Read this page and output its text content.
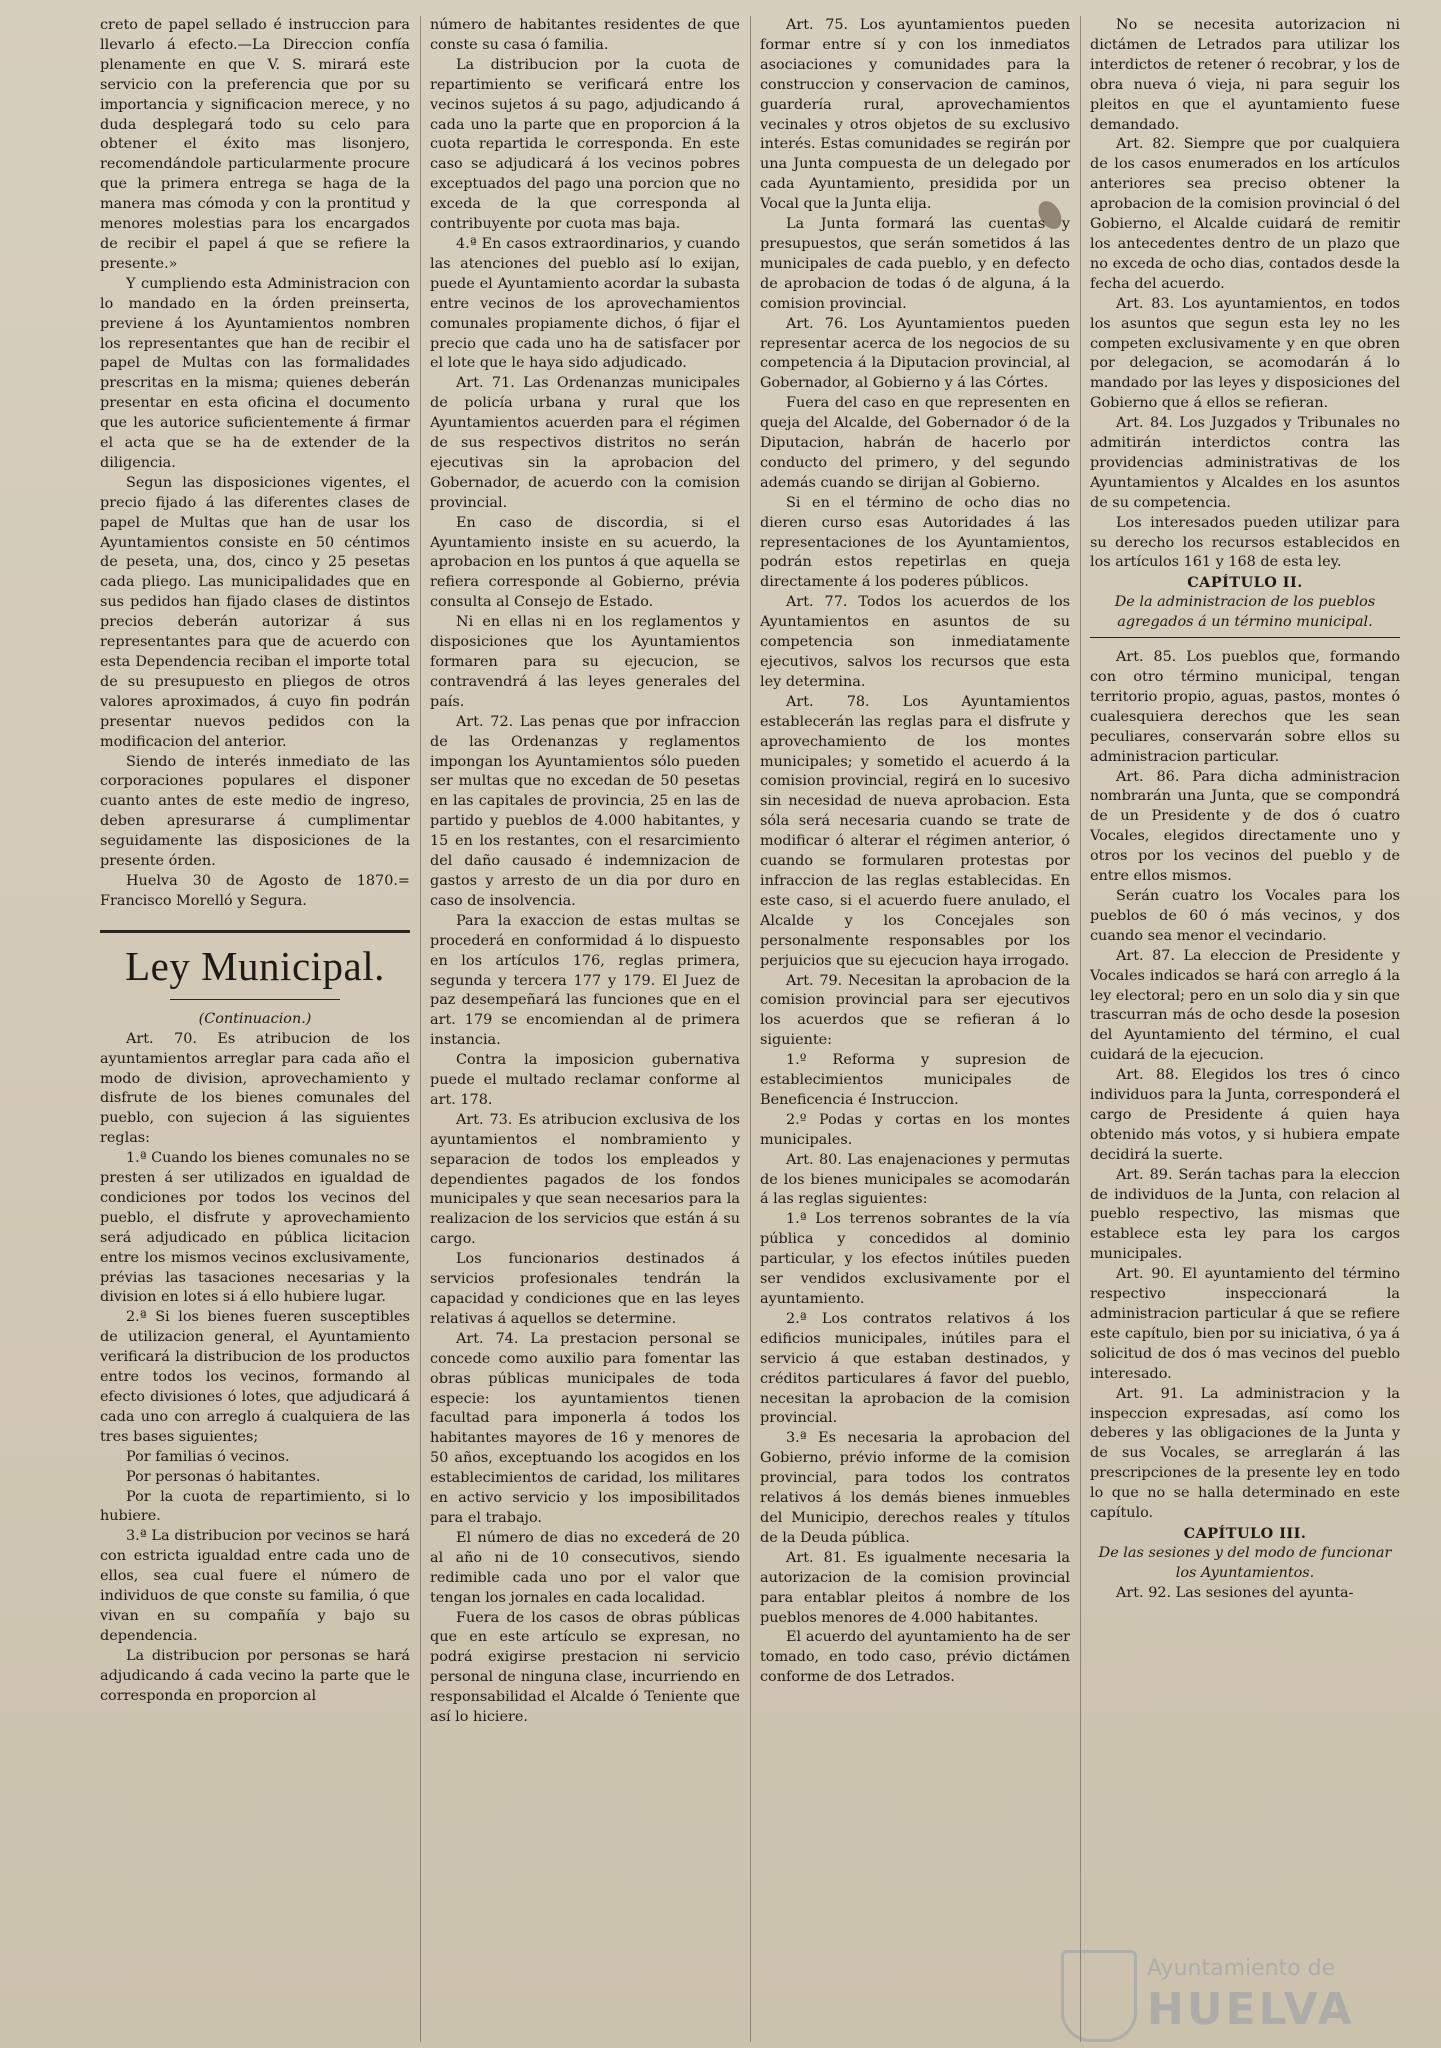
creto de papel sellado é instruccion para llevarlo á efecto.—La Direccion confía plenamente en que V. S. mirará este servicio con la preferencia que por su importancia y significacion merece, y no duda desplegará todo su celo para obtener el éxito mas lisonjero, recomendándole particularmente procure que la primera entrega se haga de la manera mas cómoda y con la prontitud y menores molestias para los encargados de recibir el papel á que se refiere la presente.»

Y cumpliendo esta Administracion con lo mandado en la órden preinserta, previene á los Ayuntamientos nombren los representantes que han de recibir el papel de Multas con las formalidades prescritas en la misma; quienes deberán presentar en esta oficina el documento que les autorice suficientemente á firmar el acta que se ha de extender de la diligencia.

Segun las disposiciones vigentes, el precio fijado á las diferentes clases de papel de Multas que han de usar los Ayuntamientos consiste en 50 céntimos de peseta, una, dos, cinco y 25 pesetas cada pliego. Las municipalidades que en sus pedidos han fijado clases de distintos precios deberán autorizar á sus representantes para que de acuerdo con esta Dependencia reciban el importe total de su presupuesto en pliegos de otros valores aproximados, á cuyo fin podrán presentar nuevos pedidos con la modificacion del anterior.

Siendo de interés inmediato de las corporaciones populares el disponer cuanto antes de este medio de ingreso, deben apresurarse á cumplimentar seguidamente las disposiciones de la presente órden.

Huelva 30 de Agosto de 1870.= Francisco Morelló y Segura.

Ley Municipal.

(Continuacion.)

Art. 70. Es atribucion de los ayuntamientos arreglar para cada año el modo de division, aprovechamiento y disfrute de los bienes comunales del pueblo, con sujecion á las siguientes reglas:

1.ª Cuando los bienes comunales no se presten á ser utilizados en igualdad de condiciones por todos los vecinos del pueblo, el disfrute y aprovechamiento será adjudicado en pública licitacion entre los mismos vecinos exclusivamente, prévias las tasaciones necesarias y la division en lotes si á ello hubiere lugar.

2.ª Si los bienes fueren susceptibles de utilizacion general, el Ayuntamiento verificará la distribucion de los productos entre todos los vecinos, formando al efecto divisiones ó lotes, que adjudicará á cada uno con arreglo á cualquiera de las tres bases siguientes;

Por familias ó vecinos.

Por personas ó habitantes.

Por la cuota de repartimiento, si lo hubiere.

3.ª La distribucion por vecinos se hará con estricta igualdad entre cada uno de ellos, sea cual fuere el número de individuos de que conste su familia, ó que vivan en su compañía y bajo su dependencia.

La distribucion por personas se hará adjudicando á cada vecino la parte que le corresponda en proporcion al

número de habitantes residentes de que conste su casa ó familia.

La distribucion por la cuota de repartimiento se verificará entre los vecinos sujetos á su pago, adjudicando á cada uno la parte que en proporcion á la cuota repartida le corresponda. En este caso se adjudicará á los vecinos pobres exceptuados del pago una porcion que no exceda de la que corresponda al contribuyente por cuota mas baja.

4.ª En casos extraordinarios, y cuando las atenciones del pueblo así lo exijan, puede el Ayuntamiento acordar la subasta entre vecinos de los aprovechamientos comunales propiamente dichos, ó fijar el precio que cada uno ha de satisfacer por el lote que le haya sido adjudicado.

Art. 71. Las Ordenanzas municipales de policía urbana y rural que los Ayuntamientos acuerden para el régimen de sus respectivos distritos no serán ejecutivas sin la aprobacion del Gobernador, de acuerdo con la comision provincial.

En caso de discordia, si el Ayuntamiento insiste en su acuerdo, la aprobacion en los puntos á que aquella se refiera corresponde al Gobierno, prévia consulta al Consejo de Estado.

Ni en ellas ni en los reglamentos y disposiciones que los Ayuntamientos formaren para su ejecucion, se contravendrá á las leyes generales del país.

Art. 72. Las penas que por infraccion de las Ordenanzas y reglamentos impongan los Ayuntamientos sólo pueden ser multas que no excedan de 50 pesetas en las capitales de provincia, 25 en las de partido y pueblos de 4.000 habitantes, y 15 en los restantes, con el resarcimiento del daño causado é indemnizacion de gastos y arresto de un dia por duro en caso de insolvencia.

Para la exaccion de estas multas se procederá en conformidad á lo dispuesto en los artículos 176, reglas primera, segunda y tercera 177 y 179. El Juez de paz desempeñará las funciones que en el art. 179 se encomiendan al de primera instancia.

Contra la imposicion gubernativa puede el multado reclamar conforme al art. 178.

Art. 73. Es atribucion exclusiva de los ayuntamientos el nombramiento y separacion de todos los empleados y dependientes pagados de los fondos municipales y que sean necesarios para la realizacion de los servicios que están á su cargo.

Los funcionarios destinados á servicios profesionales tendrán la capacidad y condiciones que en las leyes relativas á aquellos se determine.

Art. 74. La prestacion personal se concede como auxilio para fomentar las obras públicas municipales de toda especie: los ayuntamientos tienen facultad para imponerla á todos los habitantes mayores de 16 y menores de 50 años, exceptuando los acogidos en los establecimientos de caridad, los militares en activo servicio y los imposibilitados para el trabajo.

El número de dias no excederá de 20 al año ni de 10 consecutivos, siendo redimible cada uno por el valor que tengan los jornales en cada localidad.

Fuera de los casos de obras públicas que en este artículo se expresan, no podrá exigirse prestacion ni servicio personal de ninguna clase, incurriendo en responsabilidad el Alcalde ó Teniente que así lo hiciere.

Art. 75. Los ayuntamientos pueden formar entre sí y con los inmediatos asociaciones y comunidades para la construccion y conservacion de caminos, guardería rural, aprovechamientos vecinales y otros objetos de su exclusivo interés. Estas comunidades se regirán por una Junta compuesta de un delegado por cada Ayuntamiento, presidida por un Vocal que la Junta elija.

La Junta formará las cuentas y presupuestos, que serán sometidos á las municipales de cada pueblo, y en defecto de aprobacion de todas ó de alguna, á la comision provincial.

Art. 76. Los Ayuntamientos pueden representar acerca de los negocios de su competencia á la Diputacion provincial, al Gobernador, al Gobierno y á las Córtes.

Fuera del caso en que representen en queja del Alcalde, del Gobernador ó de la Diputacion, habrán de hacerlo por conducto del primero, y del segundo además cuando se dirijan al Gobierno.

Si en el término de ocho dias no dieren curso esas Autoridades á las representaciones de los Ayuntamientos, podrán estos repetirlas en queja directamente á los poderes públicos.

Art. 77. Todos los acuerdos de los Ayuntamientos en asuntos de su competencia son inmediatamente ejecutivos, salvos los recursos que esta ley determina.

Art. 78. Los Ayuntamientos establecerán las reglas para el disfrute y aprovechamiento de los montes municipales; y sometido el acuerdo á la comision provincial, regirá en lo sucesivo sin necesidad de nueva aprobacion. Esta sóla será necesaria cuando se trate de modificar ó alterar el régimen anterior, ó cuando se formularen protestas por infraccion de las reglas establecidas. En este caso, si el acuerdo fuere anulado, el Alcalde y los Concejales son personalmente responsables por los perjuicios que su ejecucion haya irrogado.

Art. 79. Necesitan la aprobacion de la comision provincial para ser ejecutivos los acuerdos que se refieran á lo siguiente:

1.º Reforma y supresion de establecimientos municipales de Beneficencia é Instruccion.

2.º Podas y cortas en los montes municipales.

Art. 80. Las enajenaciones y permutas de los bienes municipales se acomodarán á las reglas siguientes:

1.ª Los terrenos sobrantes de la vía pública y concedidos al dominio particular, y los efectos inútiles pueden ser vendidos exclusivamente por el ayuntamiento.

2.ª Los contratos relativos á los edificios municipales, inútiles para el servicio á que estaban destinados, y créditos particulares á favor del pueblo, necesitan la aprobacion de la comision provincial.

3.ª Es necesaria la aprobacion del Gobierno, prévio informe de la comision provincial, para todos los contratos relativos á los demás bienes inmuebles del Municipio, derechos reales y títulos de la Deuda pública.

Art. 81. Es igualmente necesaria la autorizacion de la comision provincial para entablar pleitos á nombre de los pueblos menores de 4.000 habitantes.

El acuerdo del ayuntamiento ha de ser tomado, en todo caso, prévio dictámen conforme de dos Letrados.

No se necesita autorizacion ni dictámen de Letrados para utilizar los interdictos de retener ó recobrar, y los de obra nueva ó vieja, ni para seguir los pleitos en que el ayuntamiento fuese demandado.

Art. 82. Siempre que por cualquiera de los casos enumerados en los artículos anteriores sea preciso obtener la aprobacion de la comision provincial ó del Gobierno, el Alcalde cuidará de remitir los antecedentes dentro de un plazo que no exceda de ocho dias, contados desde la fecha del acuerdo.

Art. 83. Los ayuntamientos, en todos los asuntos que segun esta ley no les competen exclusivamente y en que obren por delegacion, se acomodarán á lo mandado por las leyes y disposiciones del Gobierno que á ellos se refieran.

Art. 84. Los Juzgados y Tribunales no admitirán interdictos contra las providencias administrativas de los Ayuntamientos y Alcaldes en los asuntos de su competencia.

Los interesados pueden utilizar para su derecho los recursos establecidos en los artículos 161 y 168 de esta ley.

CAPÍTULO II.

De la administracion de los pueblos agregados á un término municipal.

Art. 85. Los pueblos que, formando con otro término municipal, tengan territorio propio, aguas, pastos, montes ó cualesquiera derechos que les sean peculiares, conservarán sobre ellos su administracion particular.

Art. 86. Para dicha administracion nombrarán una Junta, que se compondrá de un Presidente y de dos ó cuatro Vocales, elegidos directamente uno y otros por los vecinos del pueblo y de entre ellos mismos.

Serán cuatro los Vocales para los pueblos de 60 ó más vecinos, y dos cuando sea menor el vecindario.

Art. 87. La eleccion de Presidente y Vocales indicados se hará con arreglo á la ley electoral; pero en un solo dia y sin que trascurran más de ocho desde la posesion del Ayuntamiento del término, el cual cuidará de la ejecucion.

Art. 88. Elegidos los tres ó cinco individuos para la Junta, corresponderá el cargo de Presidente á quien haya obtenido más votos, y si hubiera empate decidirá la suerte.

Art. 89. Serán tachas para la eleccion de individuos de la Junta, con relacion al pueblo respectivo, las mismas que establece esta ley para los cargos municipales.

Art. 90. El ayuntamiento del término respectivo inspeccionará la administracion particular á que se refiere este capítulo, bien por su iniciativa, ó ya á solicitud de dos ó mas vecinos del pueblo interesado.

Art. 91. La administracion y la inspeccion expresadas, así como los deberes y las obligaciones de la Junta y de sus Vocales, se arreglarán á las prescripciones de la presente ley en todo lo que no se halla determinado en este capítulo.

CAPÍTULO III.

De las sesiones y del modo de funcionar los Ayuntamientos.

Art. 92. Las sesiones del ayunta-

Ayuntamiento de
HUELVA
